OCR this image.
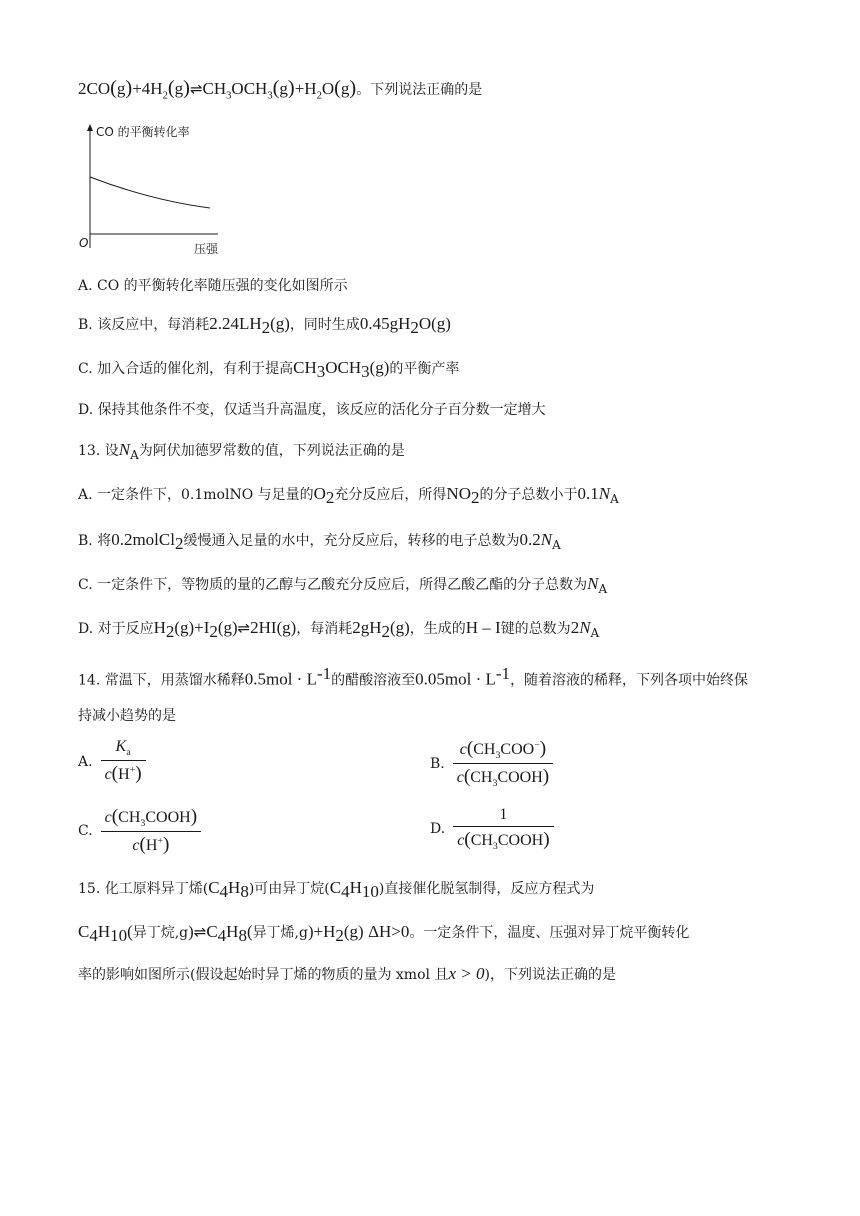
$2CO(g)+4H_2(g)\rightleftharpoons CH_3OCH_3(g)+H_2O(g)$。下列说法正确的是
CO 的平衡转化率
O	压强
A. CO 的平衡转化率随压强的变化如图所示
B. 该反应中，每消耗$2.24LH_2(g)$，同时生成$0.45gH_2O(g)$
C. 加入合适的催化剂，有利于提高$CH_3OCH_3(g)$的平衡产率
D. 保持其他条件不变，仅适当升高温度，该反应的活化分子百分数一定增大
13. 设$N_A$为阿伏加德罗常数的值，下列说法正确的是
A. 一定条件下，0.1molNO 与足量的$O_2$充分反应后，所得$NO_2$的分子总数小于$0.1N_A$
B. 将0.2molCl$_2$缓慢通入足量的水中，充分反应后，转移的电子总数为$0.2N_A$
C. 一定条件下，等物质的量的乙醇与乙酸充分反应后，所得乙酸乙酯的分子总数为$N_A$
D. 对于反应$H_2(g)+I_2(g)\rightleftharpoons 2HI(g)$，每消耗$2gH_2(g)$，生成的H – I键的总数为$2N_A$
14. 常温下，用蒸馏水稀释$0.5mol \cdot L^{-1}$的醋酸溶液至$0.05mol \cdot L^{-1}$，随着溶液的稀释，下列各项中始终保
持减小趋势的是
A. $\frac{K_a}{c(H^+)}$	B. $\frac{c(CH_3COO^-)}{c(CH_3COOH)}$
C. $\frac{c(CH_3COOH)}{c(H^+)}$	D. $\frac{1}{c(CH_3COOH)}$
15. 化工原料异丁烯$(C_4H_8)$可由异丁烷$(C_4H_{10})$直接催化脱氢制得，反应方程式为
$C_4H_{10}$(异丁烷$,g)\rightleftharpoons C_4H_8$(异丁烯$,g)+H_2(g)$ ΔH>0。一定条件下，温度、压强对异丁烷平衡转化
率的影响如图所示(假设起始时异丁烯的物质的量为 xmol 且x > 0)，下列说法正确的是
